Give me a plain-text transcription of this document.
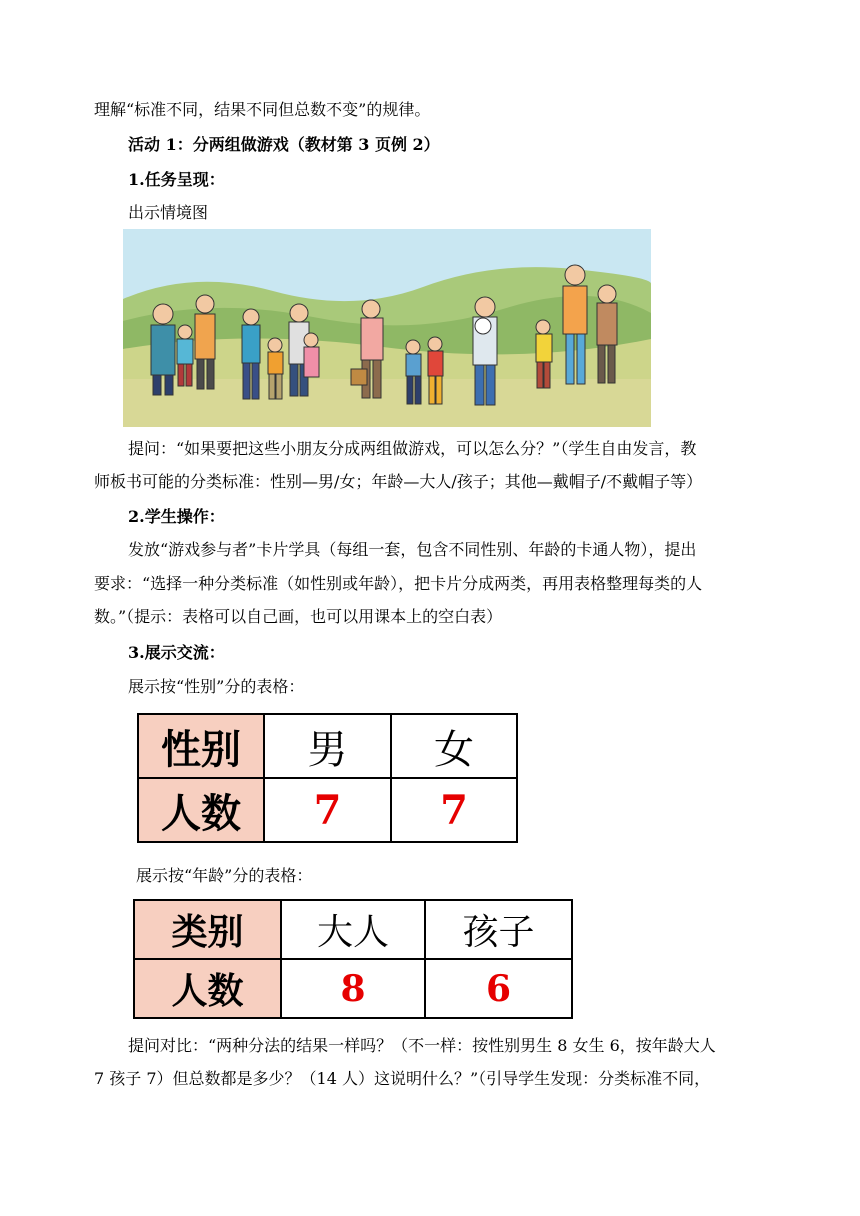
理解“标准不同，结果不同但总数不变”的规律。
活动 1：分两组做游戏（教材第 3 页例 2）
1.任务呈现：
出示情境图
提问：“如果要把这些小朋友分成两组做游戏，可以怎么分？”（学生自由发言，教
师板书可能的分类标准：性别—男/女；年龄—大人/孩子；其他—戴帽子/不戴帽子等）
2.学生操作：
发放“游戏参与者”卡片学具（每组一套，包含不同性别、年龄的卡通人物），提出
要求：“选择一种分类标准（如性别或年龄），把卡片分成两类，再用表格整理每类的人
数。”（提示：表格可以自己画，也可以用课本上的空白表）
3.展示交流：
展示按“性别”分的表格：
性别	男	女
人数	7	7
展示按“年龄”分的表格：
类别	大人	孩子
人数	8	6
提问对比：“两种分法的结果一样吗？（不一样：按性别男生 8 女生 6，按年龄大人
7 孩子 7）但总数都是多少？（14 人）这说明什么？”（引导学生发现：分类标准不同，
